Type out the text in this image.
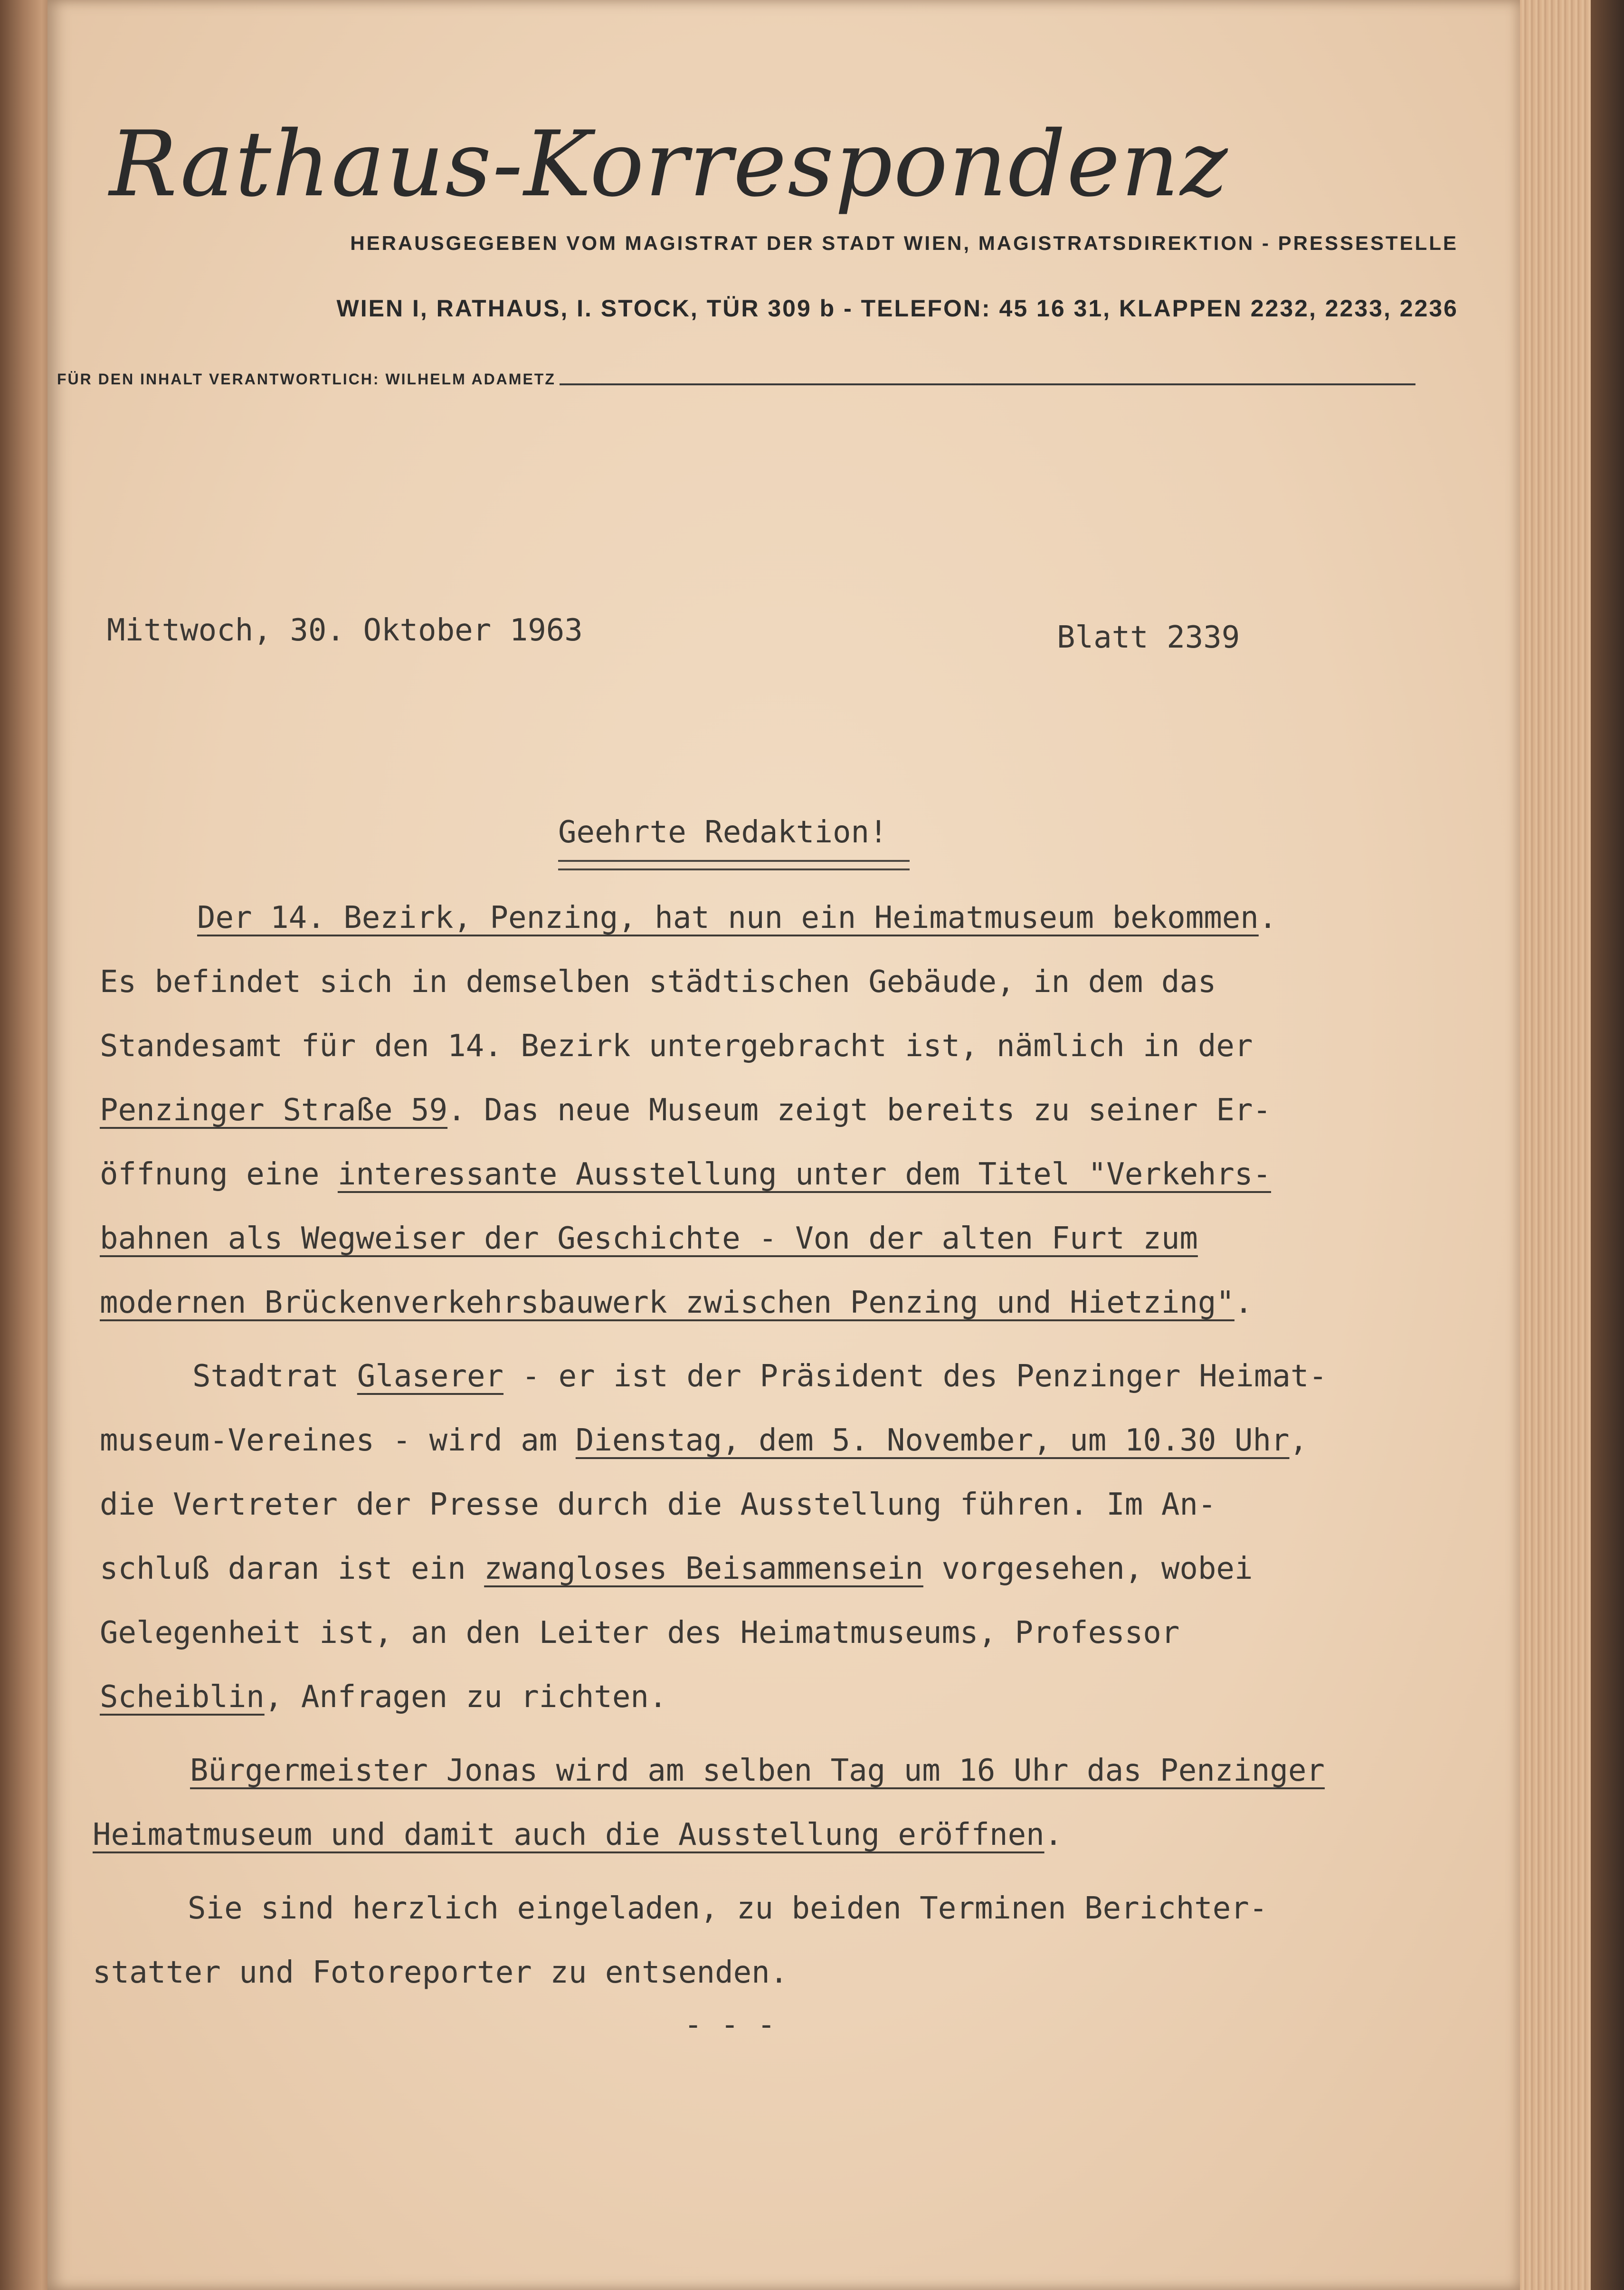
Rathaus-Korrespondenz
HERAUSGEGEBEN VOM MAGISTRAT DER STADT WIEN, MAGISTRATSDIREKTION - PRESSESTELLE
WIEN I, RATHAUS, I. STOCK, TÜR 309 b - TELEFON: 45 16 31, KLAPPEN 2232, 2233, 2236
FÜR DEN INHALT VERANTWORTLICH: WILHELM ADAMETZ
Mittwoch, 30. Oktober 1963	Blatt 2339
Geehrte Redaktion!
Der 14. Bezirk, Penzing, hat nun ein Heimatmuseum bekommen.
Es befindet sich in demselben städtischen Gebäude, in dem das
Standesamt für den 14. Bezirk untergebracht ist, nämlich in der
Penzinger Straße 59. Das neue Museum zeigt bereits zu seiner Er-
öffnung eine interessante Ausstellung unter dem Titel "Verkehrs-
bahnen als Wegweiser der Geschichte - Von der alten Furt zum
modernen Brückenverkehrsbauwerk zwischen Penzing und Hietzing".
Stadtrat Glaserer - er ist der Präsident des Penzinger Heimat-
museum-Vereines - wird am Dienstag, dem 5. November, um 10.30 Uhr,
die Vertreter der Presse durch die Ausstellung führen. Im An-
schluß daran ist ein zwangloses Beisammensein vorgesehen, wobei
Gelegenheit ist, an den Leiter des Heimatmuseums, Professor
Scheiblin, Anfragen zu richten.
Bürgermeister Jonas wird am selben Tag um 16 Uhr das Penzinger
Heimatmuseum und damit auch die Ausstellung eröffnen.
Sie sind herzlich eingeladen, zu beiden Terminen Berichter-
statter und Fotoreporter zu entsenden.
- - -
